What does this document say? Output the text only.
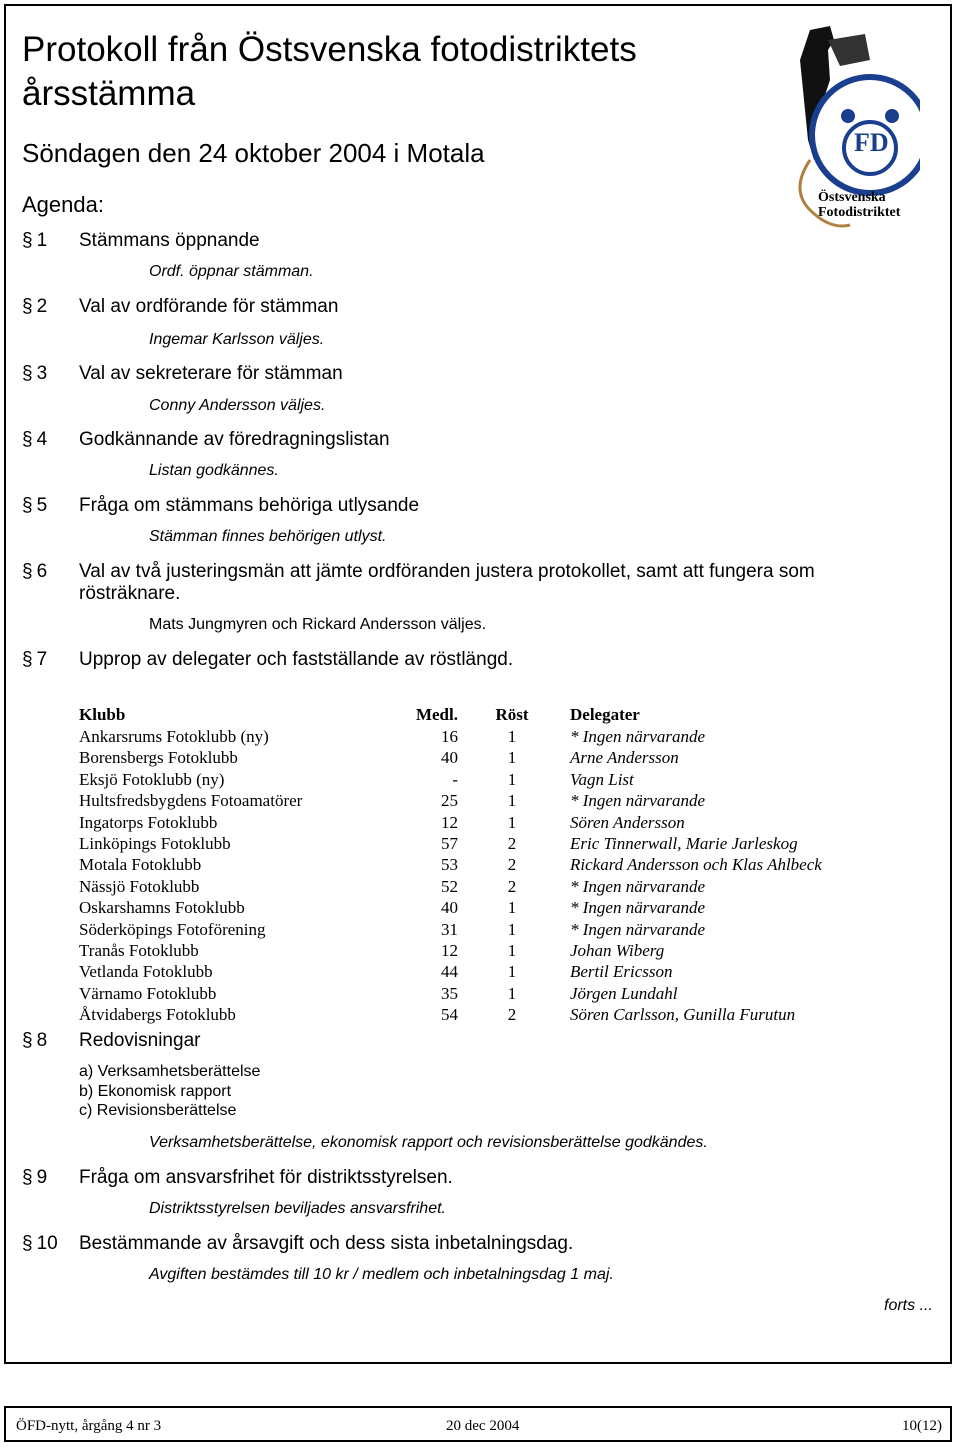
Protokoll från Östsvenska fotodistriktets årsstämma
Söndagen den 24 oktober 2004 i Motala
Agenda:
FD
Östsvenska
Fotodistriktet
§ 1 Stämmans öppnande
Ordf. öppnar stämman.
§ 2 Val av ordförande för stämman
Ingemar Karlsson väljes.
§ 3 Val av sekreterare för stämman
Conny Andersson väljes.
§ 4 Godkännande av föredragningslistan
Listan godkännes.
§ 5 Fråga om stämmans behöriga utlysande
Stämman finnes behörigen utlyst.
§ 6 Val av två justeringsmän att jämte ordföranden justera protokollet, samt att fungera som rösträknare.
Mats Jungmyren och Rickard Andersson väljes.
§ 7 Upprop av delegater och fastställande av röstlängd.
Klubb	Medl. Röst Delegater
Ankarsrums Fotoklubb (ny)	16	1	* Ingen närvarande
Borensbergs Fotoklubb	40	1	Arne Andersson
Eksjö Fotoklubb (ny)	-	1	Vagn List
Hultsfredsbygdens Fotoamatörer	25	1	* Ingen närvarande
Ingatorps Fotoklubb	12	1	Sören Andersson
Linköpings Fotoklubb	57	2	Eric Tinnerwall, Marie Jarleskog
Motala Fotoklubb	53	2	Rickard Andersson och Klas Ahlbeck
Nässjö Fotoklubb	52	2	* Ingen närvarande
Oskarshamns Fotoklubb	40	1	* Ingen närvarande
Söderköpings Fotoförening	31	1	* Ingen närvarande
Tranås Fotoklubb	12	1	Johan Wiberg
Vetlanda Fotoklubb	44	1	Bertil Ericsson
Värnamo Fotoklubb	35	1	Jörgen Lundahl
Åtvidabergs Fotoklubb	54	2	Sören Carlsson, Gunilla Furutun
§ 8 Redovisningar
a) Verksamhetsberättelse
b) Ekonomisk rapport
c) Revisionsberättelse
Verksamhetsberättelse, ekonomisk rapport och revisionsberättelse godkändes.
§ 9 Fråga om ansvarsfrihet för distriktsstyrelsen.
Distriktsstyrelsen beviljades ansvarsfrihet.
§ 10 Bestämmande av årsavgift och dess sista inbetalningsdag.
Avgiften bestämdes till 10 kr / medlem och inbetalningsdag 1 maj.
forts ...
ÖFD-nytt, årgång 4 nr 3	20 dec 2004	10(12)
